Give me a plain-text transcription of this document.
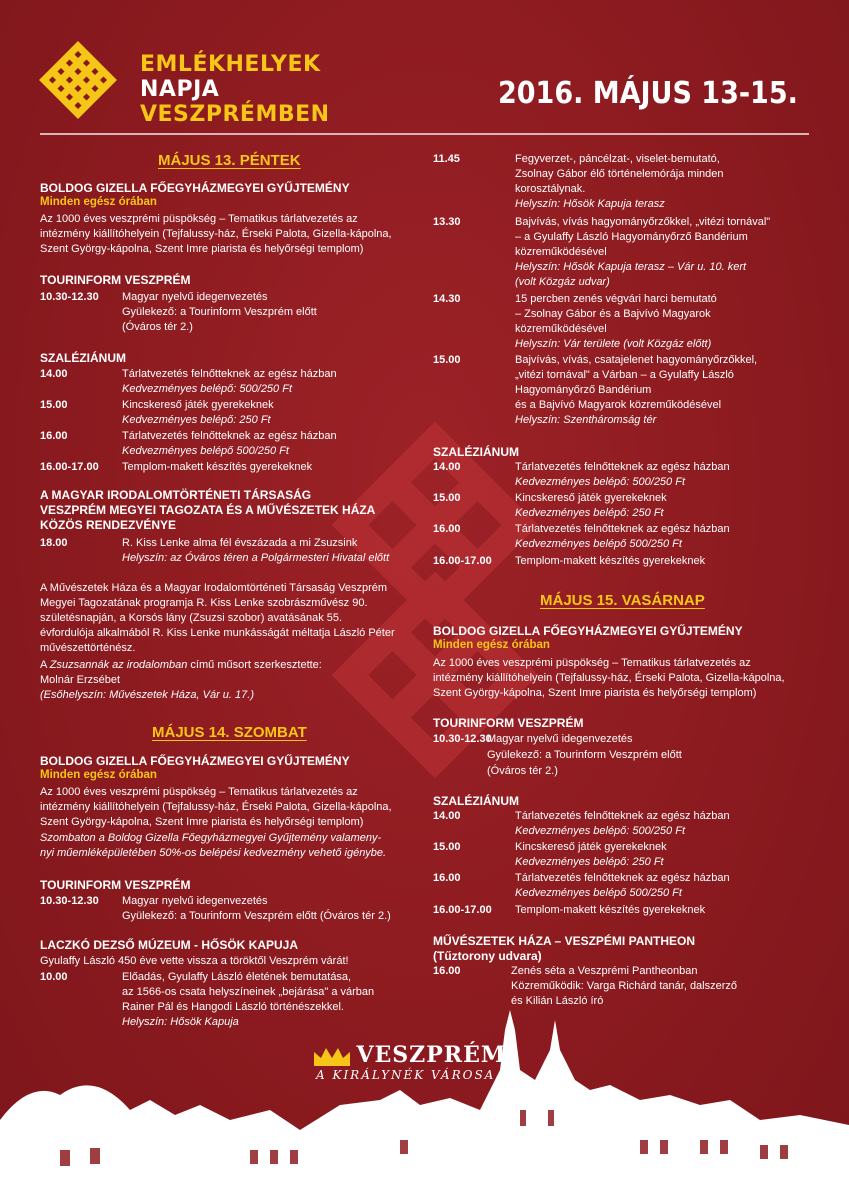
EMLÉKHELYEK
NAPJA
VESZPRÉMBEN
2016. MÁJUS 13-15.
MÁJUS 13. PÉNTEK
BOLDOG GIZELLA FŐEGYHÁZMEGYEI GYŰJTEMÉNY
Minden egész órában
Az 1000 éves veszprémi püspökség – Tematikus tárlatvezetés az
intézmény kiállítóhelyein (Tejfalussy-ház, Érseki Palota, Gizella-kápolna,
Szent György-kápolna, Szent Imre piarista és helyőrségi templom)
TOURINFORM VESZPRÉM
10.30-12.30 Magyar nyelvű idegenvezetés
Gyülekező: a Tourinform Veszprém előtt
(Óváros tér 2.)
SZALÉZIÁNUM
14.00	Tárlatvezetés felnőtteknek az egész házban
Kedvezményes belépő: 500/250 Ft
15.00	Kincskereső játék gyerekeknek
Kedvezményes belépő: 250 Ft
16.00	Tárlatvezetés felnőtteknek az egész házban
Kedvezményes belépő 500/250 Ft
16.00-17.00 Templom-makett készítés gyerekeknek
A MAGYAR IRODALOMTÖRTÉNETI TÁRSASÁG
VESZPRÉM MEGYEI TAGOZATA ÉS A MŰVÉSZETEK HÁZA
KÖZÖS RENDEZVÉNYE
18.00	R. Kiss Lenke alma fél évszázada a mi Zsuzsink
Helyszín: az Óváros téren a Polgármesteri Hivatal előtt
A Művészetek Háza és a Magyar Irodalomtörténeti Társaság Veszprém
Megyei Tagozatának programja R. Kiss Lenke szobrászművész 90.
születésnapján, a Korsós lány (Zsuzsi szobor) avatásának 55.
évfordulója alkalmából R. Kiss Lenke munkásságát méltatja László Péter
művészettörténész.
A Zsuzsannák az irodalomban című műsort szerkesztette:
Molnár Erzsébet
(Esőhelyszín: Művészetek Háza, Vár u. 17.)
MÁJUS 14. SZOMBAT
BOLDOG GIZELLA FŐEGYHÁZMEGYEI GYŰJTEMÉNY
Minden egész órában
Az 1000 éves veszprémi püspökség – Tematikus tárlatvezetés az
intézmény kiállítóhelyein (Tejfalussy-ház, Érseki Palota, Gizella-kápolna,
Szent György-kápolna, Szent Imre piarista és helyőrségi templom)
Szombaton a Boldog Gizella Főegyházmegyei Gyűjtemény valameny-
nyi műemléképületében 50%-os belépési kedvezmény vehető igénybe.
TOURINFORM VESZPRÉM
10.30-12.30 Magyar nyelvű idegenvezetés
Gyülekező: a Tourinform Veszprém előtt (Óváros tér 2.)
LACZKÓ DEZSŐ MÚZEUM - HŐSÖK KAPUJA
Gyulaffy László 450 éve vette vissza a töröktől Veszprém várát!
10.00	Előadás, Gyulaffy László életének bemutatása,
az 1566-os csata helyszíneinek „bejárása" a várban
Rainer Pál és Hangodi László történészekkel.
Helyszín: Hősök Kapuja
11.45	Fegyverzet-, páncélzat-, viselet-bemutató,
Zsolnay Gábor élő történelemórája minden
korosztálynak.
Helyszín: Hősök Kapuja terasz
13.30	Bajvívás, vívás hagyományőrzőkkel, „vitézi tornával"
– a Gyulaffy László Hagyományőrző Bandérium
közreműködésével
Helyszín: Hősök Kapuja terasz – Vár u. 10. kert
(volt Közgáz udvar)
14.30	15 percben zenés végvári harci bemutató
– Zsolnay Gábor és a Bajvívó Magyarok
közreműködésével
Helyszín: Vár területe (volt Közgáz előtt)
15.00	Bajvívás, vívás, csatajelenet hagyományőrzőkkel,
„vitézi tornával" a Várban – a Gyulaffy László
Hagyományőrző Bandérium
és a Bajvívó Magyarok közreműködésével
Helyszín: Szentháromság tér
SZALÉZIÁNUM
14.00	Tárlatvezetés felnőtteknek az egész házban
Kedvezményes belépő: 500/250 Ft
15.00	Kincskereső játék gyerekeknek
Kedvezményes belépő: 250 Ft
16.00	Tárlatvezetés felnőtteknek az egész házban
Kedvezményes belépő 500/250 Ft
16.00-17.00 Templom-makett készítés gyerekeknek
MÁJUS 15. VASÁRNAP
BOLDOG GIZELLA FŐEGYHÁZMEGYEI GYŰJTEMÉNY
Minden egész órában
Az 1000 éves veszprémi püspökség – Tematikus tárlatvezetés az
intézmény kiállítóhelyein (Tejfalussy-ház, Érseki Palota, Gizella-kápolna,
Szent György-kápolna, Szent Imre piarista és helyőrségi templom)
TOURINFORM VESZPRÉM
10.30-12.30
Magyar nyelvű idegenvezetés
Gyülekező: a Tourinform Veszprém előtt
(Óváros tér 2.)
SZALÉZIÁNUM
14.00	Tárlatvezetés felnőtteknek az egész házban
Kedvezményes belépő: 500/250 Ft
15.00	Kincskereső játék gyerekeknek
Kedvezményes belépő: 250 Ft
16.00	Tárlatvezetés felnőtteknek az egész házban
Kedvezményes belépő 500/250 Ft
16.00-17.00 Templom-makett készítés gyerekeknek
MŰVÉSZETEK HÁZA – VESZPÉMI PANTHEON
(Tűztorony udvara)
16.00	Zenés séta a Veszprémi Pantheonban
Közreműködik: Varga Richárd tanár, dalszerző
és Kilián László író
VESZPRÉM
A KIRÁLYNÉK VÁROSA
